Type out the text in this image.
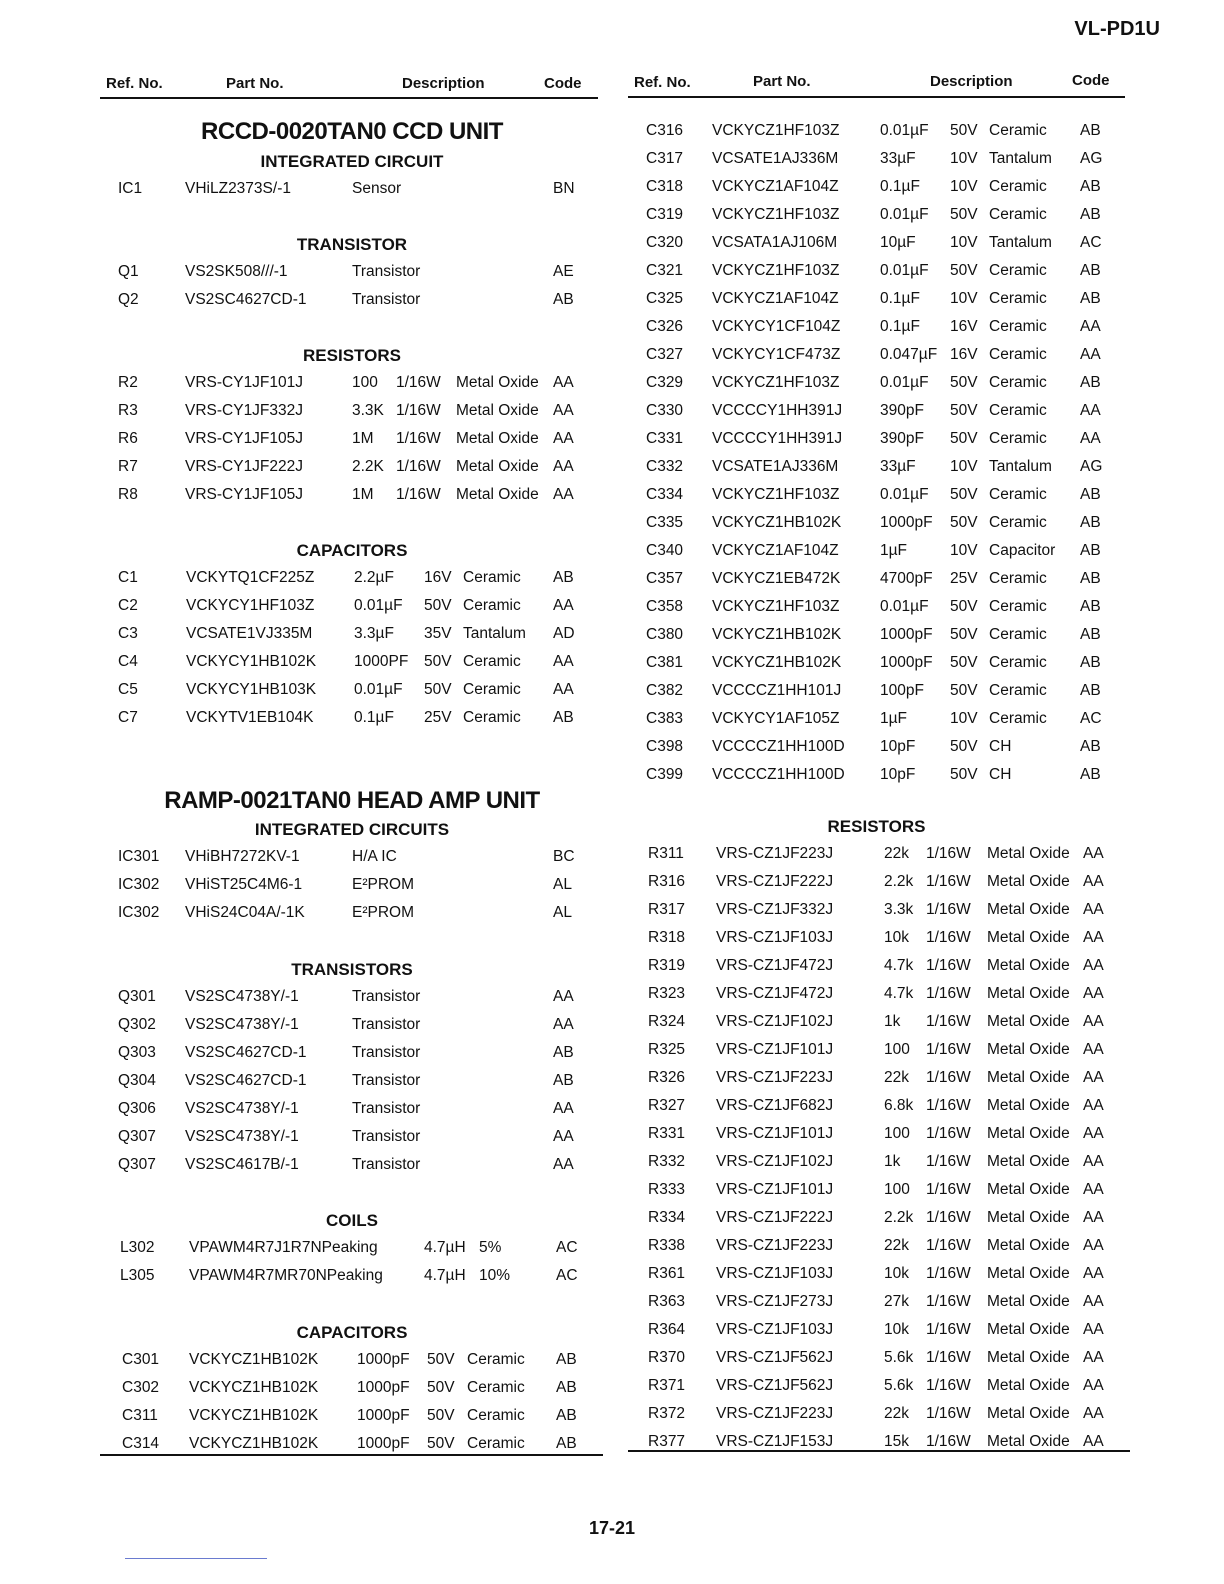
VL-PD1U
Ref. No.	Part No.	Description	Code	Ref. No.	Part No.	Description	Code
RCCD-0020TAN0 CCD UNIT
INTEGRATED CIRCUIT
IC1	VHiLZ2373S/-1	Sensor	BN
TRANSISTOR
Q1	VS2SK508///-1	Transistor	AE
Q2	VS2SC4627CD-1	Transistor	AB
RESISTORS
R2	VRS-CY1JF101J	100 1/16W Metal Oxide AA
R3	VRS-CY1JF332J	3.3K 1/16W Metal Oxide AA
R6	VRS-CY1JF105J	1M 1/16W Metal Oxide AA
R7	VRS-CY1JF222J	2.2K 1/16W Metal Oxide AA
R8	VRS-CY1JF105J	1M 1/16W Metal Oxide AA
CAPACITORS
C1	VCKYTQ1CF225Z	2.2µF 16V Ceramic AB
C2	VCKYCY1HF103Z	0.01µF 50V Ceramic AA
C3	VCSATE1VJ335M	3.3µF 35V Tantalum AD
C4	VCKYCY1HB102K 1000PF 50V Ceramic AA
C5	VCKYCY1HB103K 0.01µF 50V Ceramic AA
C7	VCKYTV1EB104K	0.1µF 25V Ceramic AB
RAMP-0021TAN0 HEAD AMP UNIT
INTEGRATED CIRCUITS
IC301 VHiBH7272KV-1	H/A IC	BC
IC302 VHiST25C4M6-1	E²PROM	AL
IC302 VHiS24C04A/-1K	E²PROM	AL
TRANSISTORS
Q301 VS2SC4738Y/-1	Transistor	AA
Q302 VS2SC4738Y/-1	Transistor	AA
Q303 VS2SC4627CD-1	Transistor	AB
Q304 VS2SC4627CD-1	Transistor	AB
Q306 VS2SC4738Y/-1	Transistor	AA
Q307 VS2SC4738Y/-1	Transistor	AA
Q307 VS2SC4617B/-1	Transistor	AA
COILS
L302 VPAWM4R7J1R7NPeaking	4.7µH 5%	AC
L305 VPAWM4R7MR70NPeaking	4.7µH 10%	AC
CAPACITORS
C301 VCKYCZ1HB102K	1000pF 50V Ceramic AB
C302 VCKYCZ1HB102K	1000pF 50V Ceramic AB
C311 VCKYCZ1HB102K	1000pF 50V Ceramic AB
C314 VCKYCZ1HB102K	1000pF 50V Ceramic AB
C316 VCKYCZ1HF103Z	0.01µF 50V Ceramic AB
C317 VCSATE1AJ336M	33µF 10V Tantalum AG
C318 VCKYCZ1AF104Z	0.1µF 10V Ceramic AB
C319 VCKYCZ1HF103Z	0.01µF 50V Ceramic AB
C320 VCSATA1AJ106M	10µF 10V Tantalum AC
C321 VCKYCZ1HF103Z	0.01µF 50V Ceramic AB
C325 VCKYCZ1AF104Z	0.1µF 10V Ceramic AB
C326 VCKYCY1CF104Z	0.1µF 16V Ceramic AA
C327 VCKYCY1CF473Z	0.047µF 16V Ceramic AA
C329 VCKYCZ1HF103Z	0.01µF 50V Ceramic AB
C330 VCCCCY1HH391J 390pF 50V Ceramic AA
C331 VCCCCY1HH391J 390pF 50V Ceramic AA
C332 VCSATE1AJ336M	33µF 10V Tantalum AG
C334 VCKYCZ1HF103Z	0.01µF 50V Ceramic AB
C335 VCKYCZ1HB102K	1000pF 50V Ceramic AB
C340 VCKYCZ1AF104Z	1µF	10V Capacitor AB
C357 VCKYCZ1EB472K	4700pF 25V Ceramic AB
C358 VCKYCZ1HF103Z	0.01µF 50V Ceramic AB
C380 VCKYCZ1HB102K	1000pF 50V Ceramic AB
C381 VCKYCZ1HB102K	1000pF 50V Ceramic AB
C382 VCCCCZ1HH101J	100pF 50V Ceramic AB
C383 VCKYCY1AF105Z	1µF	10V Ceramic AC
C398 VCCCCZ1HH100D 10pF 50V CH	AB
C399 VCCCCZ1HH100D 10pF 50V CH	AB
RESISTORS
R311 VRS-CZ1JF223J	22k 1/16W Metal Oxide AA
R316 VRS-CZ1JF222J	2.2k 1/16W Metal Oxide AA
R317 VRS-CZ1JF332J	3.3k 1/16W Metal Oxide AA
R318 VRS-CZ1JF103J	10k 1/16W Metal Oxide AA
R319 VRS-CZ1JF472J	4.7k 1/16W Metal Oxide AA
R323 VRS-CZ1JF472J	4.7k 1/16W Metal Oxide AA
R324 VRS-CZ1JF102J	1k 1/16W Metal Oxide AA
R325 VRS-CZ1JF101J	100 1/16W Metal Oxide AA
R326 VRS-CZ1JF223J	22k 1/16W Metal Oxide AA
R327 VRS-CZ1JF682J	6.8k 1/16W Metal Oxide AA
R331 VRS-CZ1JF101J	100 1/16W Metal Oxide AA
R332 VRS-CZ1JF102J	1k 1/16W Metal Oxide AA
R333 VRS-CZ1JF101J	100 1/16W Metal Oxide AA
R334 VRS-CZ1JF222J	2.2k 1/16W Metal Oxide AA
R338 VRS-CZ1JF223J	22k 1/16W Metal Oxide AA
R361 VRS-CZ1JF103J	10k 1/16W Metal Oxide AA
R363 VRS-CZ1JF273J	27k 1/16W Metal Oxide AA
R364 VRS-CZ1JF103J	10k 1/16W Metal Oxide AA
R370 VRS-CZ1JF562J	5.6k 1/16W Metal Oxide AA
R371 VRS-CZ1JF562J	5.6k 1/16W Metal Oxide AA
R372 VRS-CZ1JF223J	22k 1/16W Metal Oxide AA
R377 VRS-CZ1JF153J	15k 1/16W Metal Oxide AA
17-21
